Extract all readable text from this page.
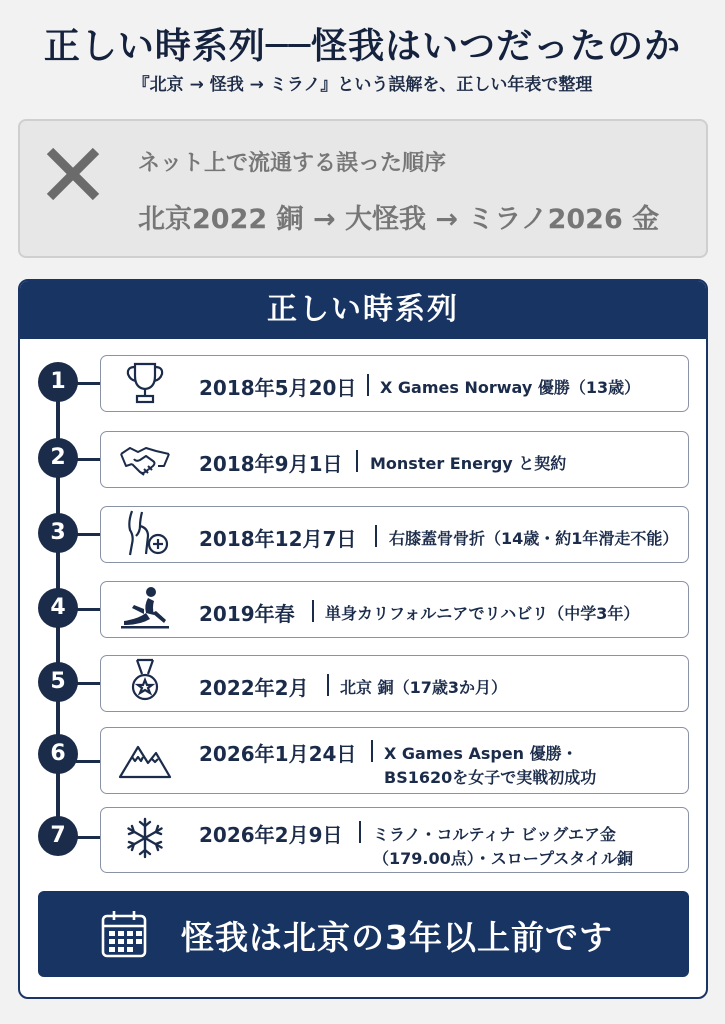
正しい時系列──怪我はいつだったのか
『北京 → 怪我 → ミラノ』という誤解を、正しい年表で整理
ネット上で流通する誤った順序
北京2022 銅 → 大怪我 → ミラノ2026 金
正しい時系列
1	2018年5月20日 X Games Norway 優勝（13歳）
2	2018年9月1日 Monster Energy と契約
3	2018年12月7日 右膝蓋骨骨折（14歳・約1年滑走不能）
4	2019年春 単身カリフォルニアでリハビリ（中学3年）
5	2022年2月 北京 銅（17歳3か月）
6	2026年1月24日 X Games Aspen 優勝・
BS1620を女子で実戦初成功
7	2026年2月9日 ミラノ・コルティナ ビッグエア金
（179.00点）・スロープスタイル銅
怪我は北京の3年以上前です
